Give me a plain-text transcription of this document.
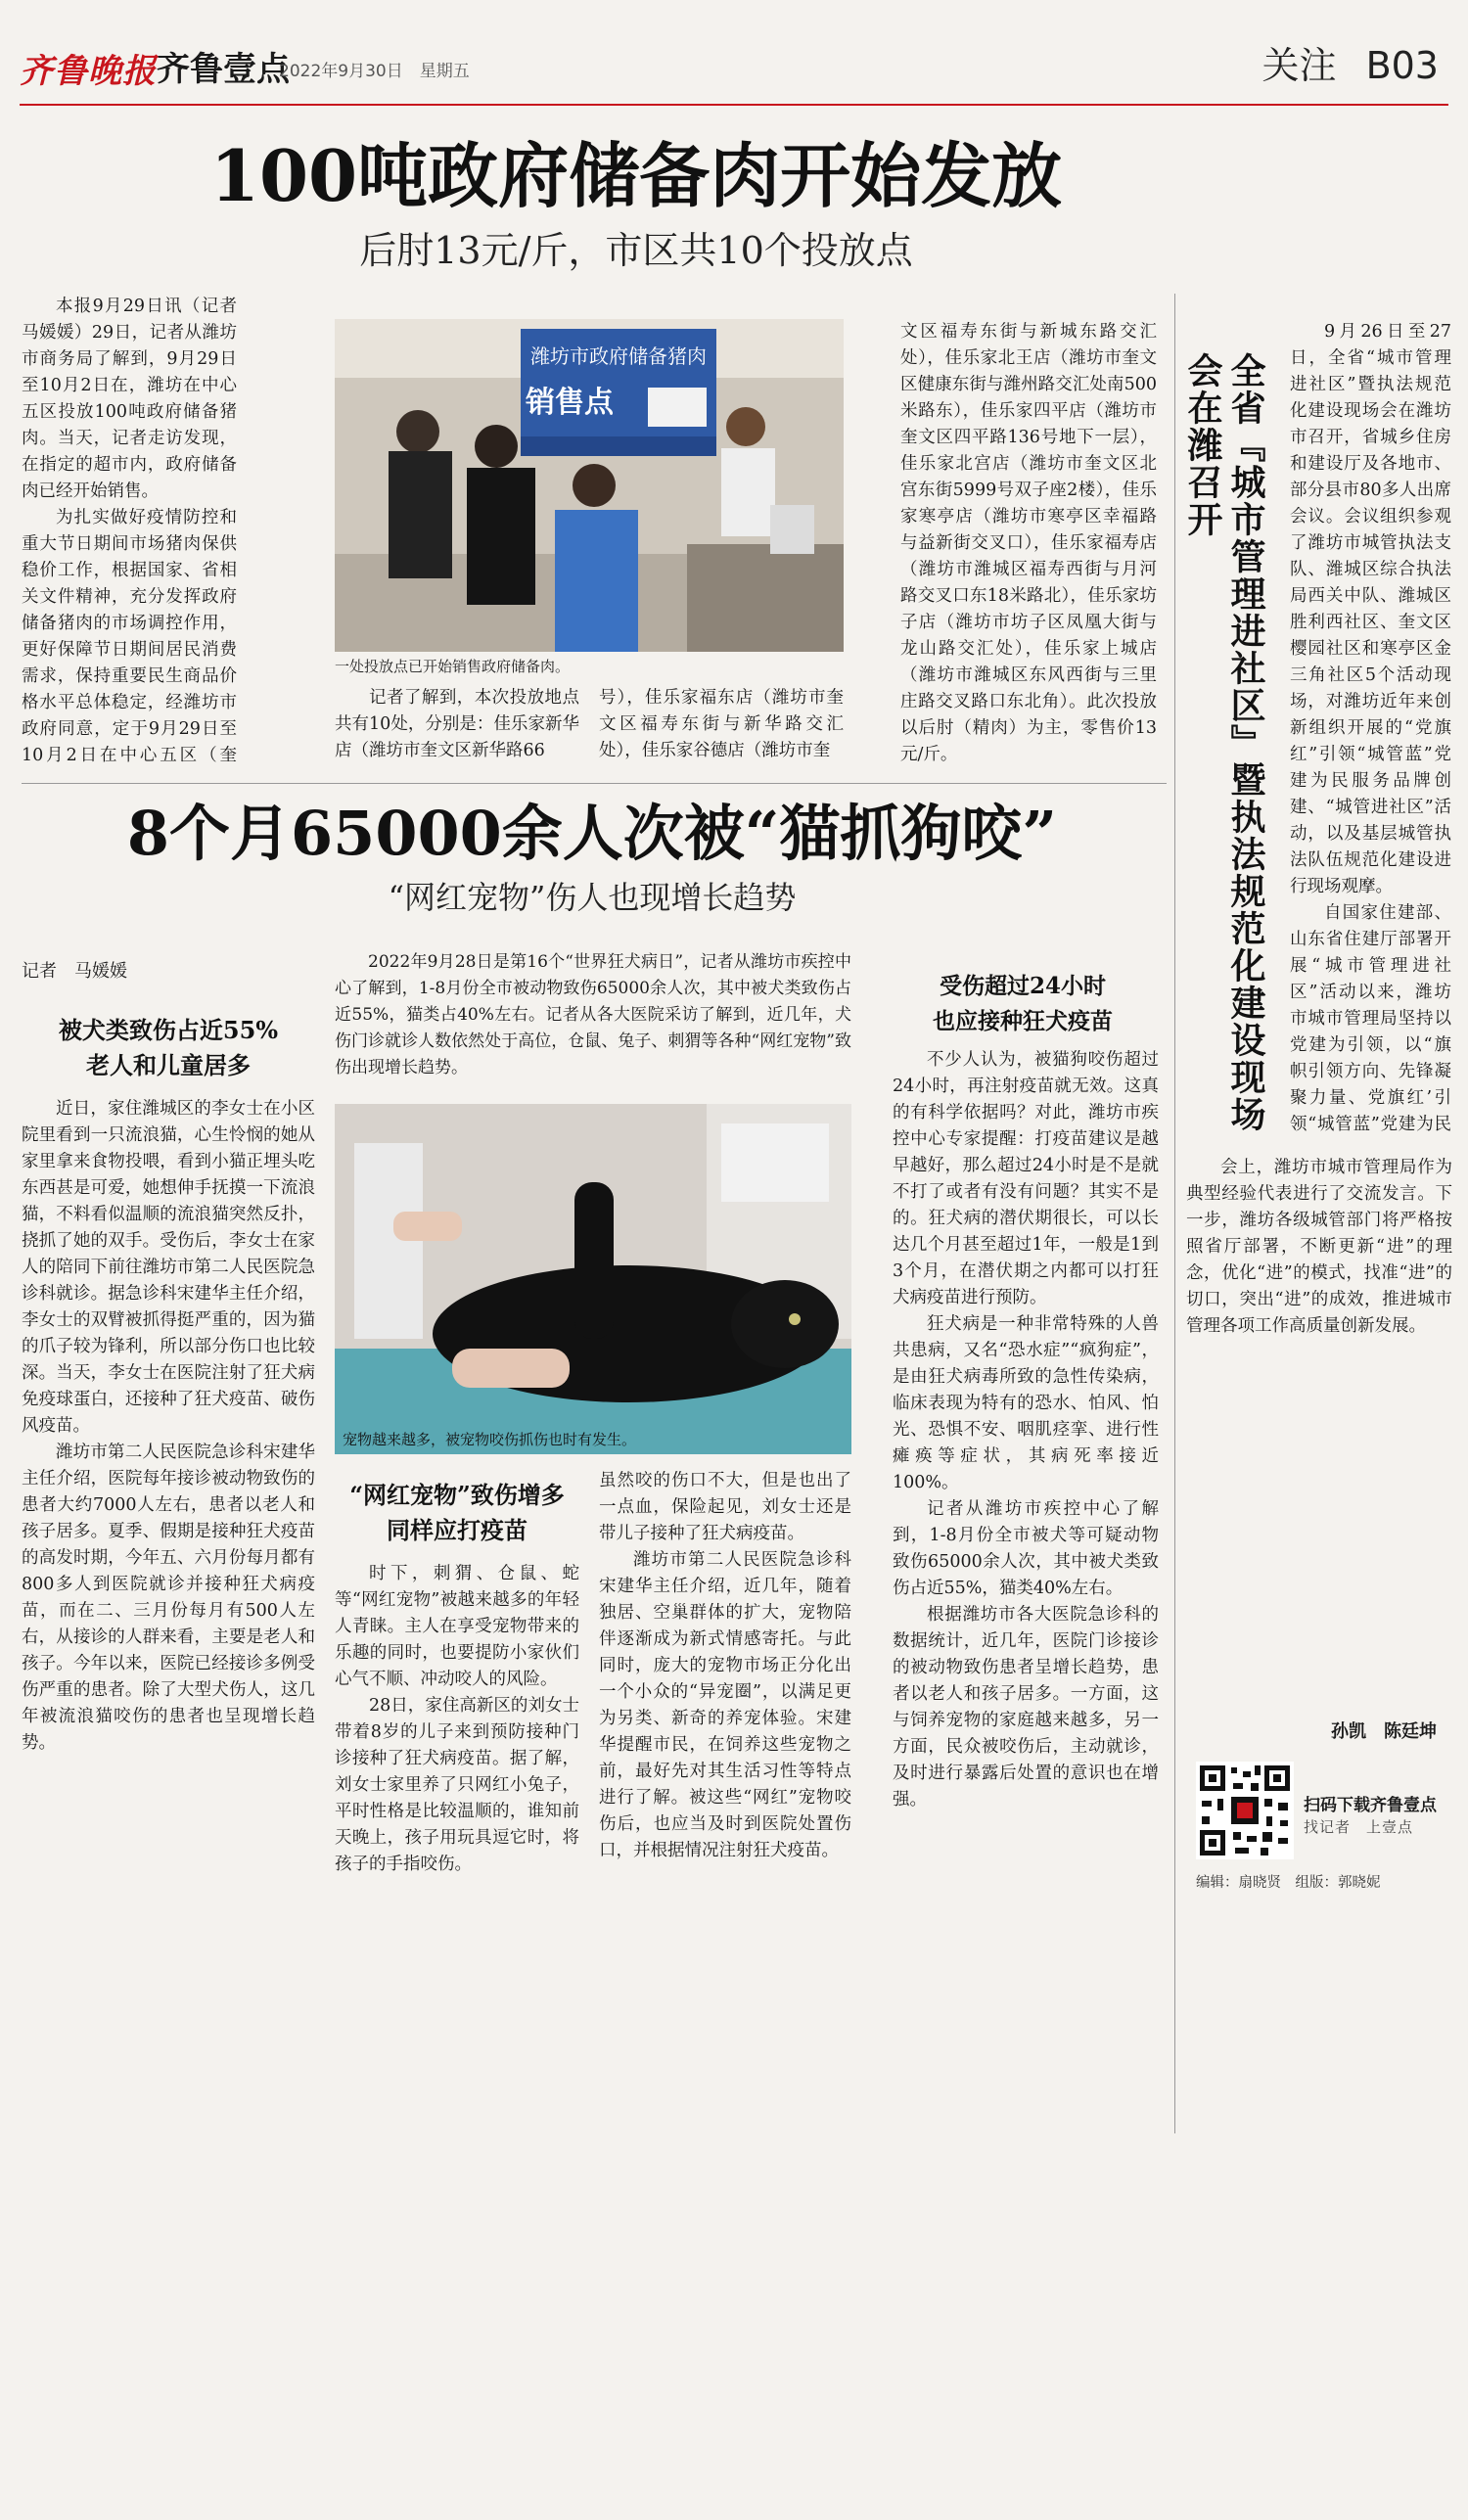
齐鲁晚报 齐鲁壹点
2022年9月30日　星期五	关注 B03
100吨政府储备肉开始发放
后肘13元/斤，市区共10个投放点

本报9月29日讯（记者　马媛媛）29日，记者从潍坊市商务局了解到，9月29日至10月2日在，潍坊在中心五区投放100吨政府储备猪肉。当天，记者走访发现，在指定的超市内，政府储备肉已经开始销售。

为扎实做好疫情防控和重大节日期间市场猪肉保供稳价工作，根据国家、省相关文件精神，充分发挥政府储备猪肉的市场调控作用，更好保障节日期间居民消费需求，保持重要民生商品价格水平总体稳定，经潍坊市政府同意，定于9月29日至10月2日在中心五区（奎

潍坊市政府储备猪肉
销售点
一处投放点已开始销售政府储备肉。

记者了解到，本次投放地点共有10处，分别是：佳乐家新华店（潍坊市奎文区新华路66

号），佳乐家福东店（潍坊市奎文区福寿东街与新华路交汇处），佳乐家谷德店（潍坊市奎

文区福寿东街与新城东路交汇处），佳乐家北王店（潍坊市奎文区健康东街与潍州路交汇处南500米路东），佳乐家四平店（潍坊市奎文区四平路136号地下一层），佳乐家北宫店（潍坊市奎文区北宫东街5999号双子座2楼），佳乐家寒亭店（潍坊市寒亭区幸福路与益新街交叉口），佳乐家福寿店（潍坊市潍城区福寿西街与月河路交叉口东18米路北），佳乐家坊子店（潍坊市坊子区凤凰大街与龙山路交汇处），佳乐家上城店（潍坊市潍城区东风西街与三里庄路交叉路口东北角）。此次投放以后肘（精肉）为主，零售价13元/斤。	全省『城市管理进社区』暨执法规范化建设现场会在潍召开

9月26日至27日，全省“城市管理进社区”暨执法规范化建设现场会在潍坊市召开，省城乡住房和建设厅及各地市、部分县市80多人出席会议。会议组织参观了潍坊市城管执法支队、潍城区综合执法局西关中队、潍城区胜利西社区、奎文区樱园社区和寒亭区金三角社区5个活动现场，对潍坊近年来创新组织开展的“党旗红”引领“城管蓝”党建为民服务品牌创建、“城管进社区”活动，以及基层城管执法队伍规范化建设进行现场观摩。

自国家住建部、山东省住建厅部署开展“城市管理进社区”活动以来，潍坊市城市管理局坚持以党建为引领，以“旗帜引领方向、先锋凝聚力量、党旗红’引领“城管蓝”党建为民

会上，潍坊市城市管理局作为典型经验代表进行了交流发言。下一步，潍坊各级城管部门将严格按照省厅部署，不断更新“进”的理念，优化“进”的模式，找准“进”的切口，突出“进”的成效，推进城市管理各项工作高质量创新发展。

孙凯　陈廷坤
8个月65000余人次被“猫抓狗咬”
“网红宠物”伤人也现增长趋势
记者　马媛媛
被犬类致伤占近55%
老人和儿童居多

近日，家住潍城区的李女士在小区院里看到一只流浪猫，心生怜悯的她从家里拿来食物投喂，看到小猫正埋头吃东西甚是可爱，她想伸手抚摸一下流浪猫，不料看似温顺的流浪猫突然反扑，挠抓了她的双手。受伤后，李女士在家人的陪同下前往潍坊市第二人民医院急诊科就诊。据急诊科宋建华主任介绍，李女士的双臂被抓得挺严重的，因为猫的爪子较为锋利，所以部分伤口也比较深。当天，李女士在医院注射了狂犬病免疫球蛋白，还接种了狂犬疫苗、破伤风疫苗。

潍坊市第二人民医院急诊科宋建华主任介绍，医院每年接诊被动物致伤的患者大约7000人左右，患者以老人和孩子居多。夏季、假期是接种狂犬疫苗的高发时期，今年五、六月份每月都有800多人到医院就诊并接种狂犬病疫苗，而在二、三月份每月有500人左右，从接诊的人群来看，主要是老人和孩子。今年以来，医院已经接诊多例受伤严重的患者。除了大型犬伤人，这几年被流浪猫咬伤的患者也呈现增长趋势。

2022年9月28日是第16个“世界狂犬病日”，记者从潍坊市疾控中心了解到，1-8月份全市被动物致伤65000余人次，其中被犬类致伤占近55%，猫类占40%左右。记者从各大医院采访了解到，近几年，犬伤门诊就诊人数依然处于高位，仓鼠、兔子、刺猬等各种“网红宠物”致伤出现增长趋势。

宠物越来越多，被宠物咬伤抓伤也时有发生。
“网红宠物”致伤增多
同样应打疫苗

时下，刺猬、仓鼠、蛇等“网红宠物”被越来越多的年轻人青睐。主人在享受宠物带来的乐趣的同时，也要提防小家伙们心气不顺、冲动咬人的风险。

28日，家住高新区的刘女士带着8岁的儿子来到预防接种门诊接种了狂犬病疫苗。据了解，刘女士家里养了只网红小兔子，平时性格是比较温顺的，谁知前天晚上，孩子用玩具逗它时，将孩子的手指咬伤。

虽然咬的伤口不大，但是也出了一点血，保险起见，刘女士还是带儿子接种了狂犬病疫苗。

潍坊市第二人民医院急诊科宋建华主任介绍，近几年，随着独居、空巢群体的扩大，宠物陪伴逐渐成为新式情感寄托。与此同时，庞大的宠物市场正分化出一个小众的“异宠圈”，以满足更为另类、新奇的养宠体验。宋建华提醒市民，在饲养这些宠物之前，最好先对其生活习性等特点进行了解。被这些“网红”宠物咬伤后，也应当及时到医院处置伤口，并根据情况注射狂犬疫苗。

受伤超过24小时
也应接种狂犬疫苗

不少人认为，被猫狗咬伤超过24小时，再注射疫苗就无效。这真的有科学依据吗？对此，潍坊市疾控中心专家提醒：打疫苗建议是越早越好，那么超过24小时是不是就不打了或者有没有问题？其实不是的。狂犬病的潜伏期很长，可以长达几个月甚至超过1年，一般是1到3个月，在潜伏期之内都可以打狂犬病疫苗进行预防。

狂犬病是一种非常特殊的人兽共患病，又名“恐水症”“疯狗症”，是由狂犬病毒所致的急性传染病，临床表现为特有的恐水、怕风、怕光、恐惧不安、咽肌痉挛、进行性瘫痪等症状，其病死率接近100%。

记者从潍坊市疾控中心了解到，1-8月份全市被犬等可疑动物致伤65000余人次，其中被犬类致伤占近55%，猫类40%左右。

根据潍坊市各大医院急诊科的数据统计，近几年，医院门诊接诊的被动物致伤患者呈增长趋势，患者以老人和孩子居多。一方面，这与饲养宠物的家庭越来越多，另一方面，民众被咬伤后，主动就诊，及时进行暴露后处置的意识也在增强。	扫码下载齐鲁壹点
找记者　上壹点
编辑：扇晓贤　组版：郭晓妮
